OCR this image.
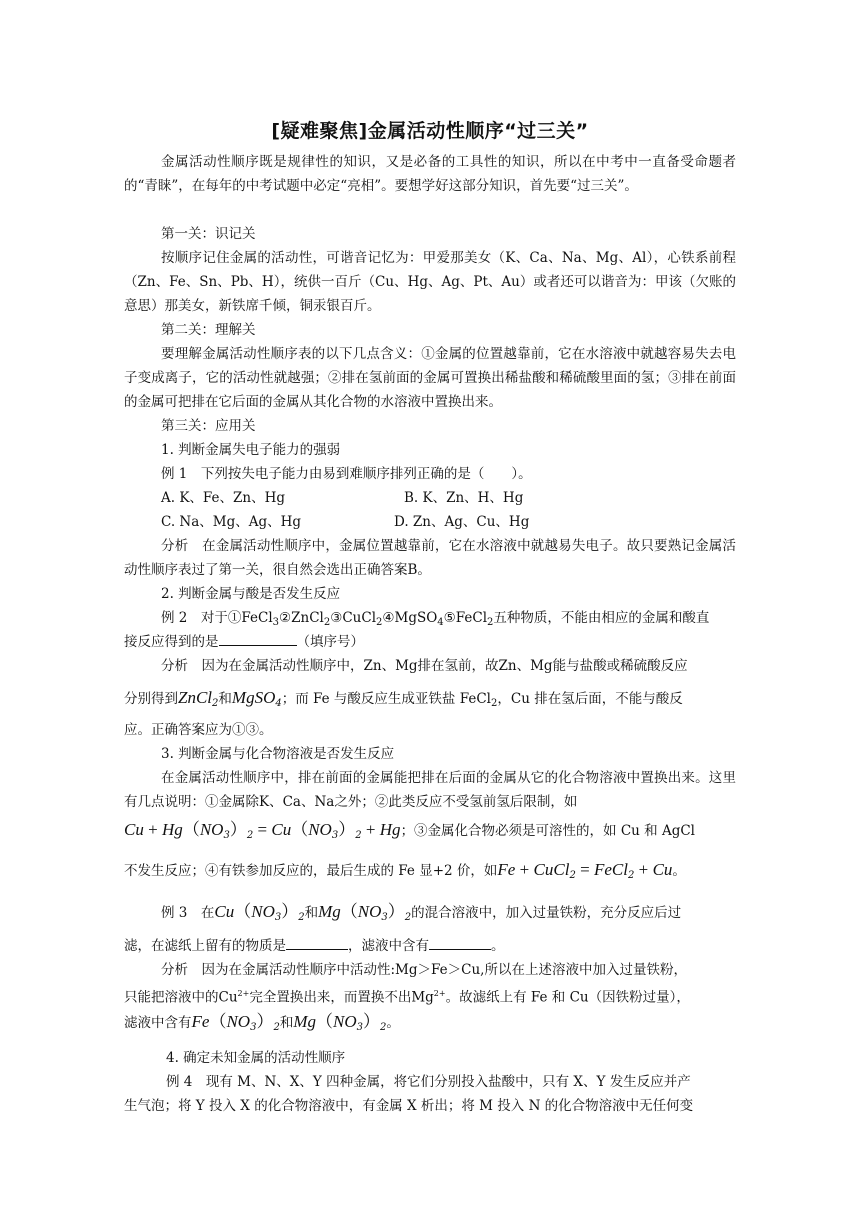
[疑难聚焦]金属活动性顺序“过三关”
金属活动性顺序既是规律性的知识，又是必备的工具性的知识，所以在中考中一直备受命题者的“青睐”，在每年的中考试题中必定“亮相”。要想学好这部分知识，首先要“过三关”。
第一关：识记关
按顺序记住金属的活动性，可谐音记忆为：甲爱那美女（K、Ca、Na、Mg、Al），心铁系前程（Zn、Fe、Sn、Pb、H），统供一百斤（Cu、Hg、Ag、Pt、Au）或者还可以谐音为：甲该（欠账的意思）那美女，新铁席千倾，铜汞银百斤。
第二关：理解关
要理解金属活动性顺序表的以下几点含义：①金属的位置越靠前，它在水溶液中就越容易失去电子变成离子，它的活动性就越强；②排在氢前面的金属可置换出稀盐酸和稀硫酸里面的氢；③排在前面的金属可把排在它后面的金属从其化合物的水溶液中置换出来。
第三关：应用关
1. 判断金属失电子能力的强弱
例 1　下列按失电子能力由易到难顺序排列正确的是（　　）。
A. K、Fe、Zn、Hg	B. K、Zn、H、Hg
C. Na、Mg、Ag、Hg	D. Zn、Ag、Cu、Hg
分析　在金属活动性顺序中，金属位置越靠前，它在水溶液中就越易失电子。故只要熟记金属活动性顺序表过了第一关，很自然会选出正确答案B。
2. 判断金属与酸是否发生反应
例 2　对于①FeCl$_3$②ZnCl$_2$③CuCl$_2$④MgSO$_4$⑤FeCl$_2$五种物质，不能由相应的金属和酸直
接反应得到的是	（填序号）
分析　因为在金属活动性顺序中，Zn、Mg排在氢前，故Zn、Mg能与盐酸或稀硫酸反应
分别得到ZnCl$_2$和MgSO$_4$；而 Fe 与酸反应生成亚铁盐 FeCl$_2$，Cu 排在氢后面，不能与酸反
应。正确答案应为①③。
3. 判断金属与化合物溶液是否发生反应
在金属活动性顺序中，排在前面的金属能把排在后面的金属从它的化合物溶液中置换出来。这里有几点说明：①金属除K、Ca、Na之外；②此类反应不受氢前氢后限制，如
$Cu + Hg(NO_3)_2 = Cu(NO_3)_2 + Hg$；③金属化合物必须是可溶性的，如 Cu 和 AgCl
不发生反应；④有铁参加反应的，最后生成的 Fe 显+2 价，如Fe + CuCl$_2$ = FeCl$_2$ + Cu。
例 3　在$Cu(NO_3)_2$和$Mg(NO_3)_2$的混合溶液中，加入过量铁粉，充分反应后过
滤，在滤纸上留有的物质是	，滤液中含有	。
分析　因为在金属活动性顺序中活动性:Mg＞Fe＞Cu,所以在上述溶液中加入过量铁粉，
只能把溶液中的$Cu^{2+}$完全置换出来，而置换不出$Mg^{2+}$。故滤纸上有 Fe 和 Cu（因铁粉过量），
滤液中含有$Fe(NO_3)_2$和$Mg(NO_3)_2$。
4. 确定未知金属的活动性顺序
例 4　现有 M、N、X、Y 四种金属，将它们分别投入盐酸中，只有 X、Y 发生反应并产
生气泡；将 Y 投入 X 的化合物溶液中，有金属 X 析出；将 M 投入 N 的化合物溶液中无任何变
